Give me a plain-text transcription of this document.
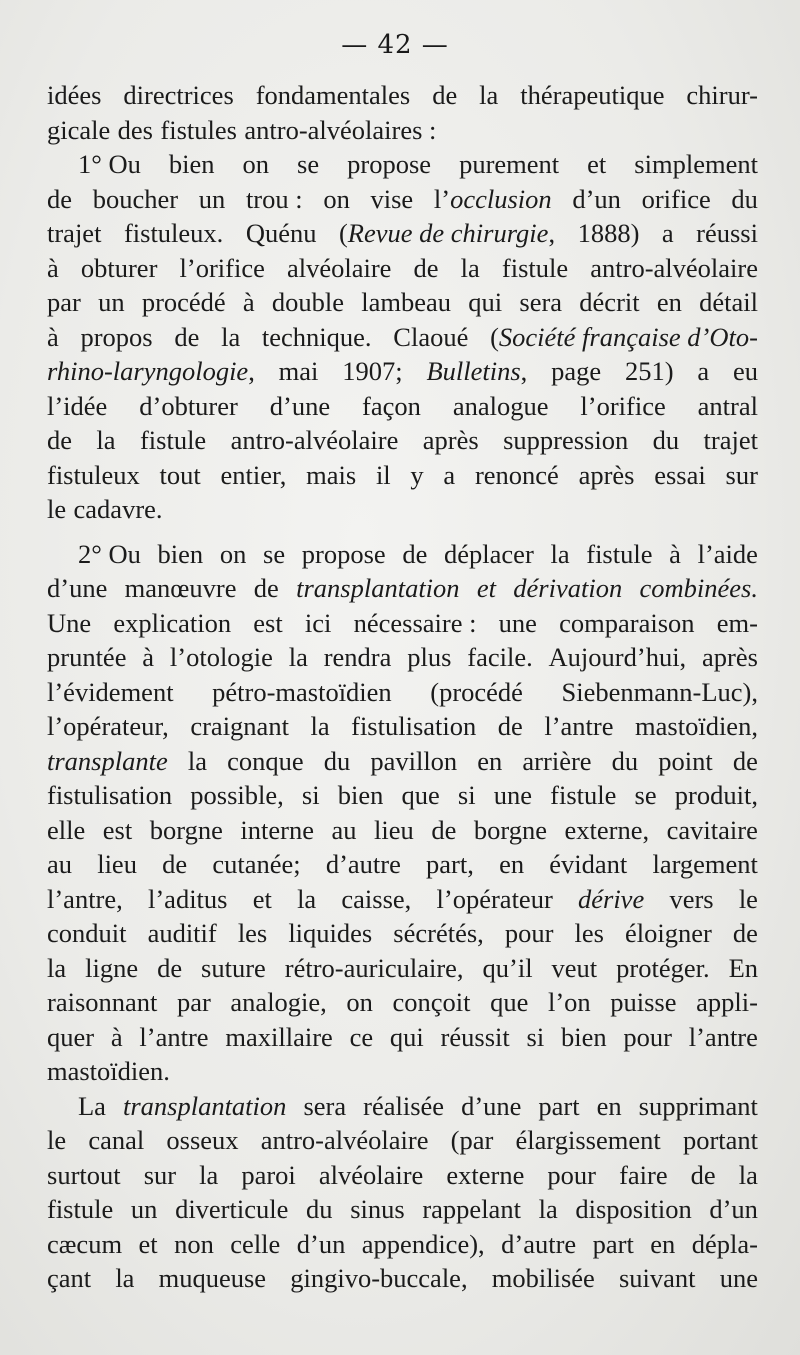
— 42 —
idées directrices fondamentales de la thérapeutique chirur-
gicale des fistules antro-alvéolaires :
1° Ou bien on se propose purement et simplement
de boucher un trou : on vise l’occlusion d’un orifice du
trajet fistuleux. Quénu (Revue de chirurgie, 1888) a réussi
à obturer l’orifice alvéolaire de la fistule antro-alvéolaire
par un procédé à double lambeau qui sera décrit en détail
à propos de la technique. Claoué (Société française d’Oto-
rhino-laryngologie, mai 1907; Bulletins, page 251) a eu
l’idée d’obturer d’une façon analogue l’orifice antral
de la fistule antro-alvéolaire après suppression du trajet
fistuleux tout entier, mais il y a renoncé après essai sur
le cadavre.
2° Ou bien on se propose de déplacer la fistule à l’aide
d’une manœuvre de transplantation et dérivation combinées.
Une explication est ici nécessaire : une comparaison em-
pruntée à l’otologie la rendra plus facile. Aujourd’hui, après
l’évidement pétro-mastoïdien (procédé Siebenmann-Luc),
l’opérateur, craignant la fistulisation de l’antre mastoïdien,
transplante la conque du pavillon en arrière du point de
fistulisation possible, si bien que si une fistule se produit,
elle est borgne interne au lieu de borgne externe, cavitaire
au lieu de cutanée; d’autre part, en évidant largement
l’antre, l’aditus et la caisse, l’opérateur dérive vers le
conduit auditif les liquides sécrétés, pour les éloigner de
la ligne de suture rétro-auriculaire, qu’il veut protéger. En
raisonnant par analogie, on conçoit que l’on puisse appli-
quer à l’antre maxillaire ce qui réussit si bien pour l’antre
mastoïdien.
La transplantation sera réalisée d’une part en supprimant
le canal osseux antro-alvéolaire (par élargissement portant
surtout sur la paroi alvéolaire externe pour faire de la
fistule un diverticule du sinus rappelant la disposition d’un
cæcum et non celle d’un appendice), d’autre part en dépla-
çant la muqueuse gingivo-buccale, mobilisée suivant une
